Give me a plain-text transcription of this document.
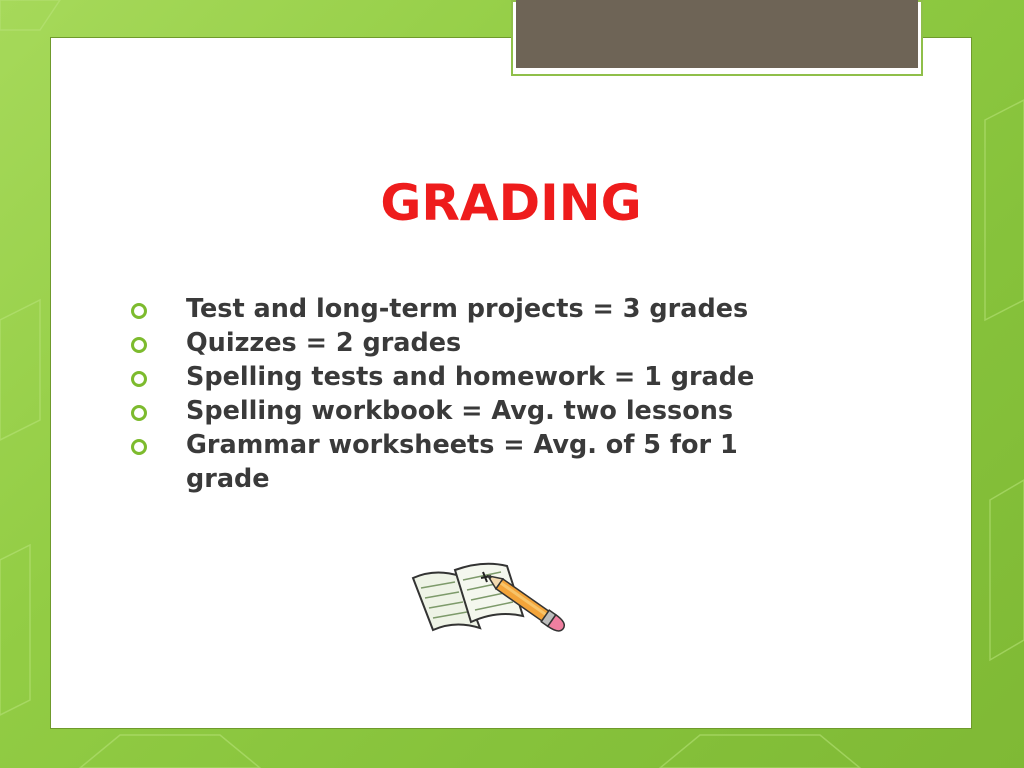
GRADING
Test and long-term projects = 3 grades
Quizzes = 2 grades
Spelling tests and homework = 1 grade
Spelling workbook = Avg. two lessons
Grammar worksheets = Avg. of 5 for 1 grade
